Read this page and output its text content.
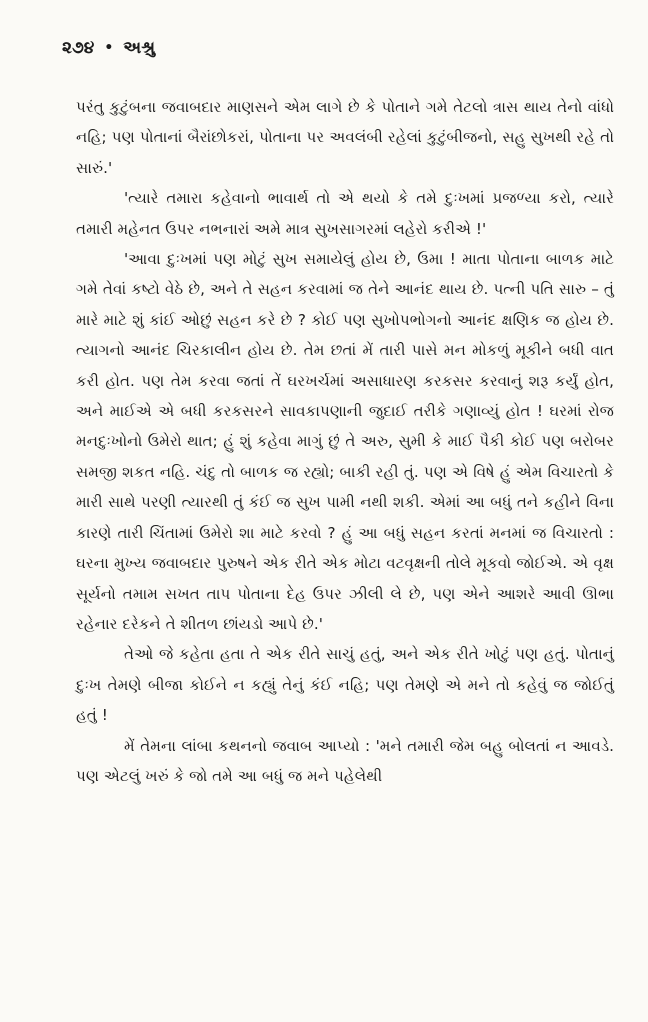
૨૭૪ • અશ્રુ

પરંતુ કુટુંબના જવાબદાર માણસને એમ લાગે છે કે પોતાને ગમે તેટલો ત્રાસ થાય તેનો વાંધો નહિ; પણ પોતાનાં બૈરાંછોકરાં, પોતાના પર અવલંબી રહેલાં કુટુંબીજનો, સહુ સુખથી રહે તો સારું.'

'ત્યારે તમારા કહેવાનો ભાવાર્થ તો એ થયો કે તમે દુઃખમાં પ્રજળ્યા કરો, ત્યારે તમારી મહેનત ઉપર નભનારાં અમે માત્ર સુખસાગરમાં લહેરો કરીએ !'

'આવા દુઃખમાં પણ મોટું સુખ સમાયેલું હોય છે, ઉમા ! માતા પોતાના બાળક માટે ગમે તેવાં કષ્ટો વેઠે છે, અને તે સહન કરવામાં જ તેને આનંદ થાય છે. પત્ની પતિ સારુ – તું મારે માટે શું કાંઈ ઓછું સહન કરે છે ? કોઈ પણ સુખોપભોગનો આનંદ ક્ષણિક જ હોય છે. ત્યાગનો આનંદ ચિરકાલીન હોય છે. તેમ છતાં મેં તારી પાસે મન મોકળું મૂકીને બધી વાત કરી હોત. પણ તેમ કરવા જતાં તેં ઘરખર્ચમાં અસાધારણ કરકસર કરવાનું શરૂ કર્યું હોત, અને માઈએ એ બધી કરકસરને સાવકાપણાની જુદાઈ તરીકે ગણાવ્યું હોત ! ઘરમાં રોજ મનદુઃખોનો ઉમેરો થાત; હું શું કહેવા માગું છું તે અરુ, સુમી કે માઈ પૈકી કોઈ પણ બરોબર સમજી શકત નહિ. ચંદુ તો બાળક જ રહ્યો; બાકી રહી તું. પણ એ વિષે હું એમ વિચારતો કે મારી સાથે પરણી ત્યારથી તું કંઈ જ સુખ પામી નથી શકી. એમાં આ બધું તને કહીને વિના કારણે તારી ચિંતામાં ઉમેરો શા માટે કરવો ? હું આ બધું સહન કરતાં મનમાં જ વિચારતો : ઘરના મુખ્ય જવાબદાર પુરુષને એક રીતે એક મોટા વટવૃક્ષની તોલે મૂકવો જોઈએ. એ વૃક્ષ સૂર્યનો તમામ સખત તાપ પોતાના દેહ ઉપર ઝીલી લે છે, પણ એને આશરે આવી ઊભા રહેનાર દરેકને તે શીતળ છાંયડો આપે છે.'

તેઓ જે કહેતા હતા તે એક રીતે સાચું હતું, અને એક રીતે ખોટું પણ હતું. પોતાનું દુઃખ તેમણે બીજા કોઈને ન કહ્યું તેનું કંઈ નહિ; પણ તેમણે એ મને તો કહેવું જ જોઈતું હતું !

મેં તેમના લાંબા કથનનો જવાબ આપ્યો : 'મને તમારી જેમ બહુ બોલતાં ન આવડે. પણ એટલું ખરું કે જો તમે આ બધું જ મને પહેલેથી
